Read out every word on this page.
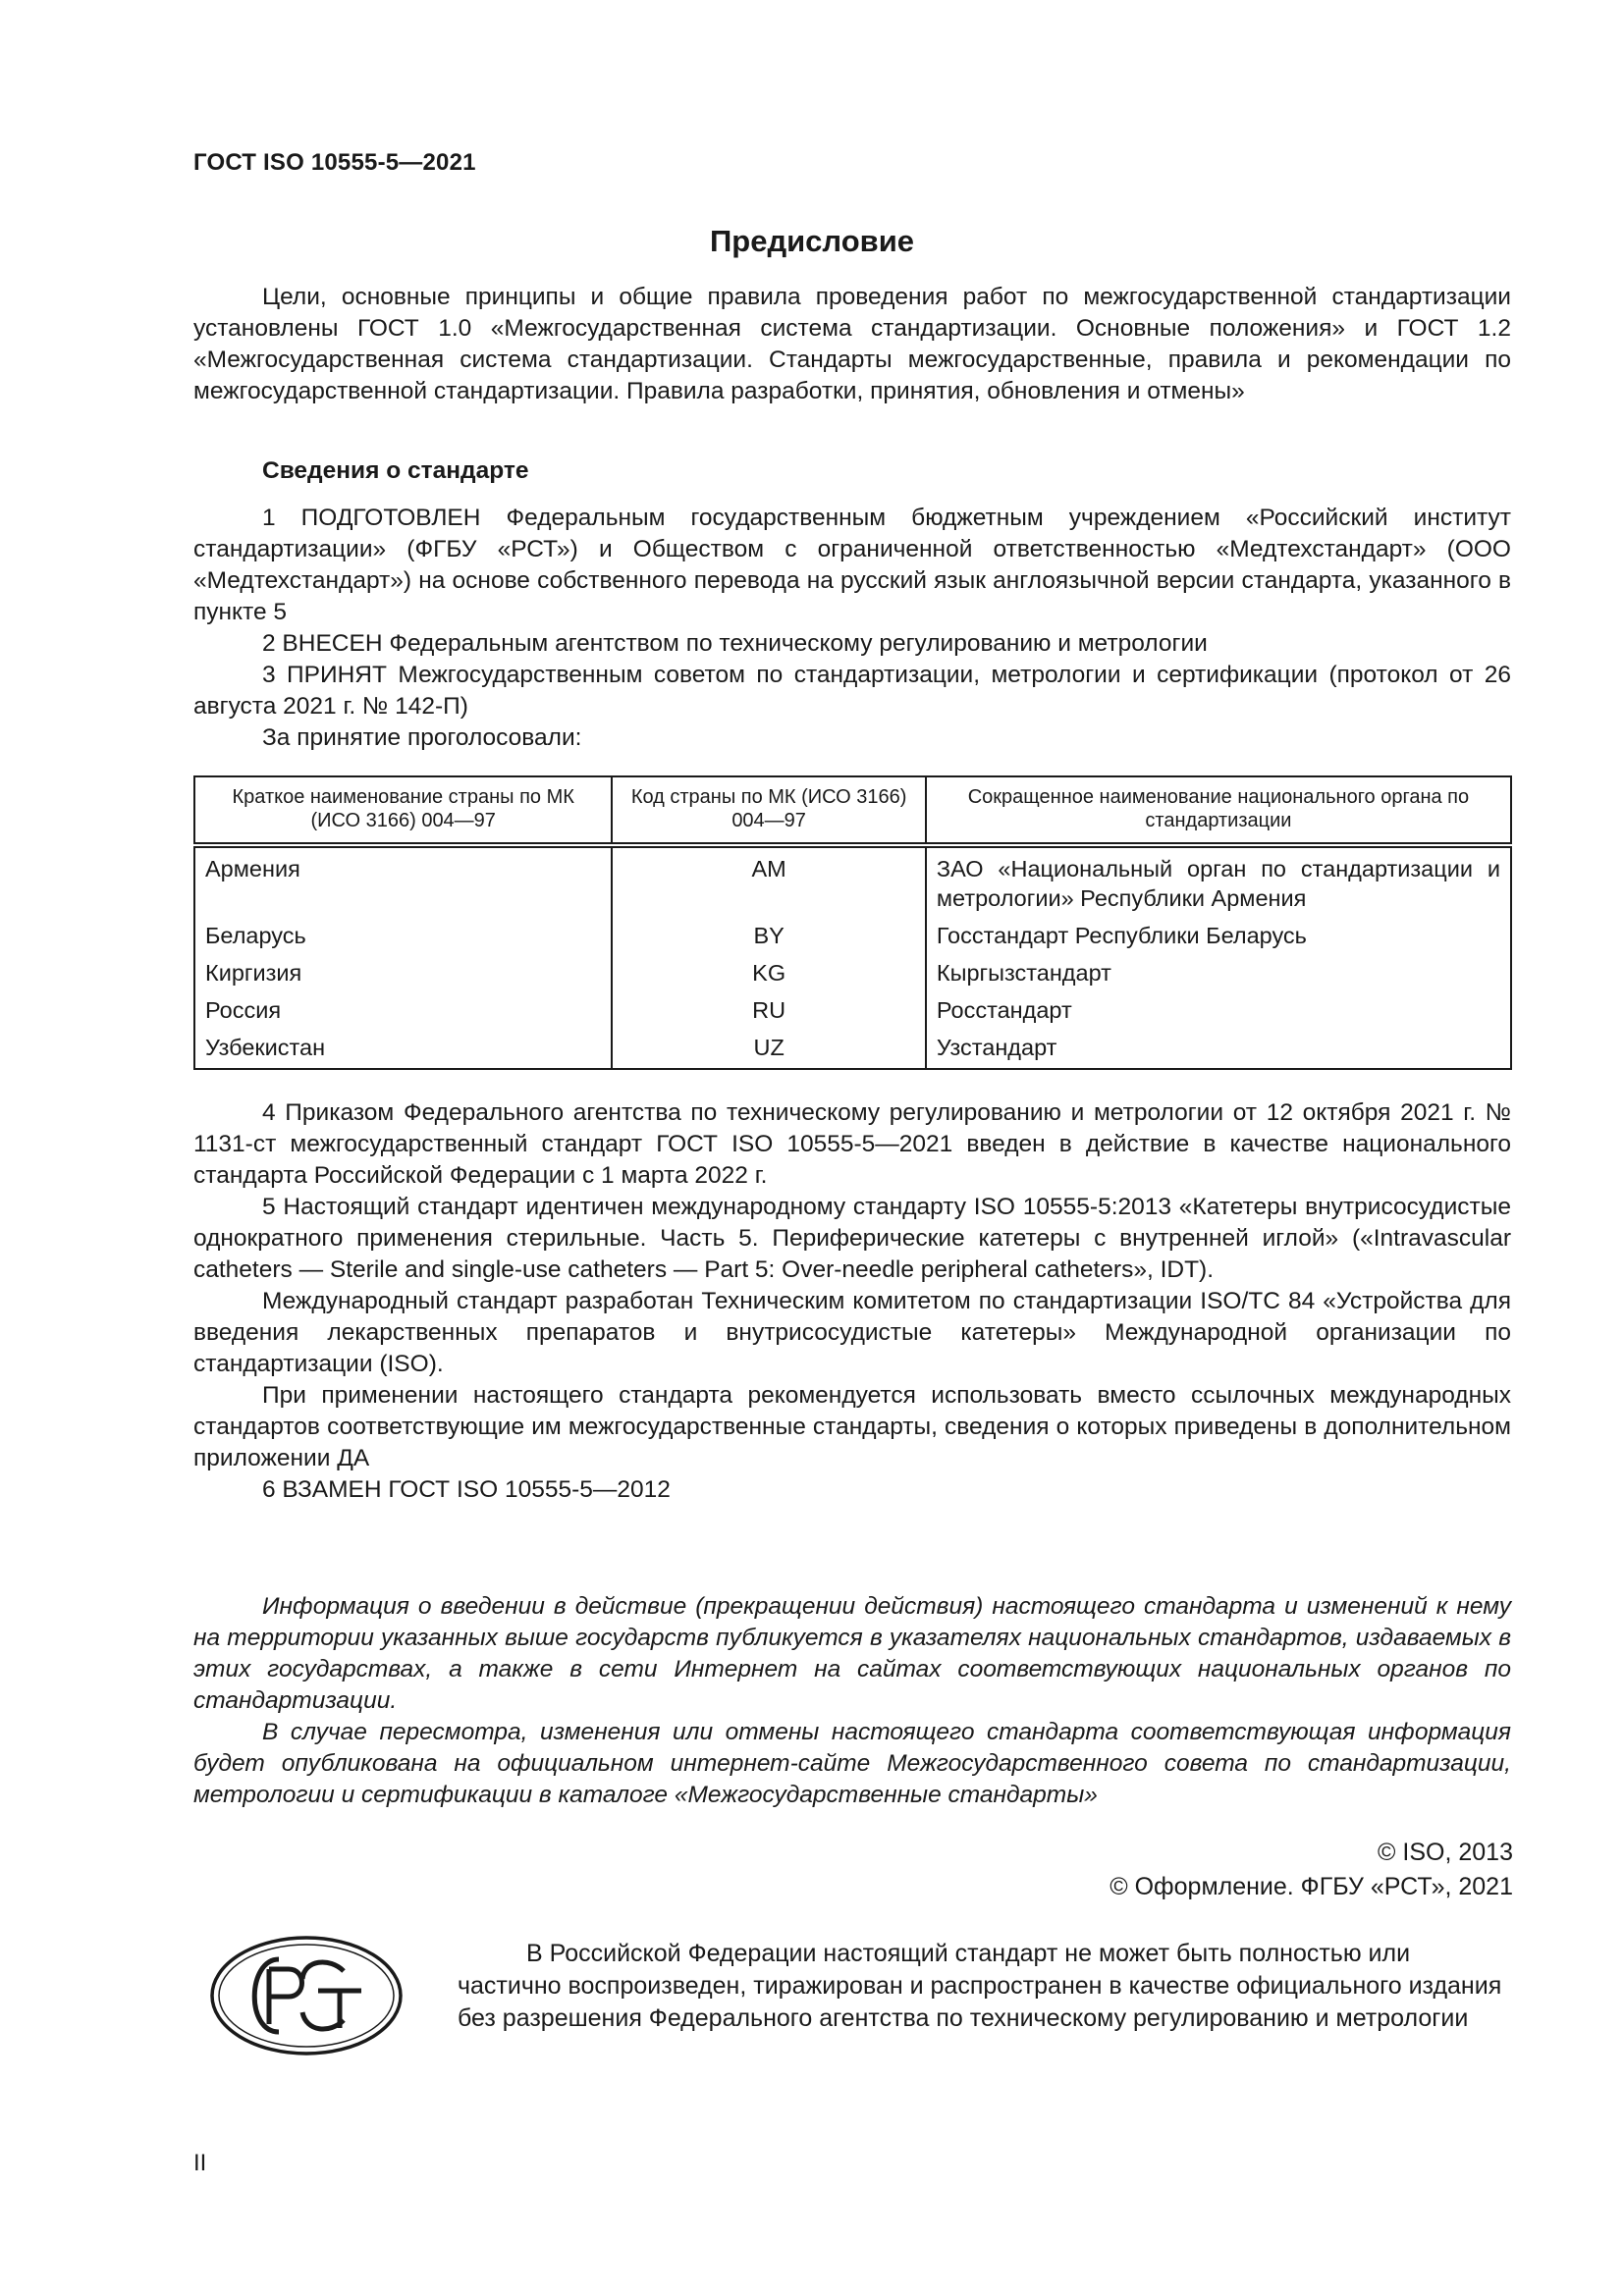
ГОСТ ISO 10555-5—2021
Предисловие

Цели, основные принципы и общие правила проведения работ по межгосударственной стандартизации установлены ГОСТ 1.0 «Межгосударственная система стандартизации. Основные положения» и ГОСТ 1.2 «Межгосударственная система стандартизации. Стандарты межгосударственные, правила и рекомендации по межгосударственной стандартизации. Правила разработки, принятия, обновления и отмены»

Сведения о стандарте

1 ПОДГОТОВЛЕН Федеральным государственным бюджетным учреждением «Российский институт стандартизации» (ФГБУ «РСТ») и Обществом с ограниченной ответственностью «Медтехстандарт» (ООО «Медтехстандарт») на основе собственного перевода на русский язык англоязычной версии стандарта, указанного в пункте 5

2 ВНЕСЕН Федеральным агентством по техническому регулированию и метрологии

3 ПРИНЯТ Межгосударственным советом по стандартизации, метрологии и сертификации (протокол от 26 августа 2021 г. № 142-П)

За принятие проголосовали:

Краткое наименование страны по МК (ИСО 3166) 004—97	Код страны по МК (ИСО 3166) 004—97	Сокращенное наименование национального органа по стандартизации
Армения	AM	ЗАО «Национальный орган по стандартизации и метрологии» Республики Армения
Беларусь	BY	Госстандарт Республики Беларусь
Киргизия	KG	Кыргызстандарт
Россия	RU	Росстандарт
Узбекистан	UZ	Узстандарт

4 Приказом Федерального агентства по техническому регулированию и метрологии от 12 октября 2021 г. № 1131-ст межгосударственный стандарт ГОСТ ISO 10555-5—2021 введен в действие в качестве национального стандарта Российской Федерации с 1 марта 2022 г.

5 Настоящий стандарт идентичен международному стандарту ISO 10555-5:2013 «Катетеры внутрисосудистые однократного применения стерильные. Часть 5. Периферические катетеры с внутренней иглой» («Intravascular catheters — Sterile and single-use catheters — Part 5: Over-needle peripheral catheters», IDT).

Международный стандарт разработан Техническим комитетом по стандартизации ISO/TC 84 «Устройства для введения лекарственных препаратов и внутрисосудистые катетеры» Международной организации по стандартизации (ISO).

При применении настоящего стандарта рекомендуется использовать вместо ссылочных международных стандартов соответствующие им межгосударственные стандарты, сведения о которых приведены в дополнительном приложении ДА

6 ВЗАМЕН ГОСТ ISO 10555-5—2012

Информация о введении в действие (прекращении действия) настоящего стандарта и изменений к нему на территории указанных выше государств публикуется в указателях национальных стандартов, издаваемых в этих государствах, а также в сети Интернет на сайтах соответствующих национальных органов по стандартизации.

В случае пересмотра, изменения или отмены настоящего стандарта соответствующая информация будет опубликована на официальном интернет-сайте Межгосударственного совета по стандартизации, метрологии и сертификации в каталоге «Межгосударственные стандарты»

© ISO, 2013
© Оформление. ФГБУ «РСТ», 2021

В Российской Федерации настоящий стандарт не может быть полностью или частично воспроизведен, тиражирован и распространен в качестве официального издания без разрешения Федерального агентства по техническому регулированию и метрологии

II
